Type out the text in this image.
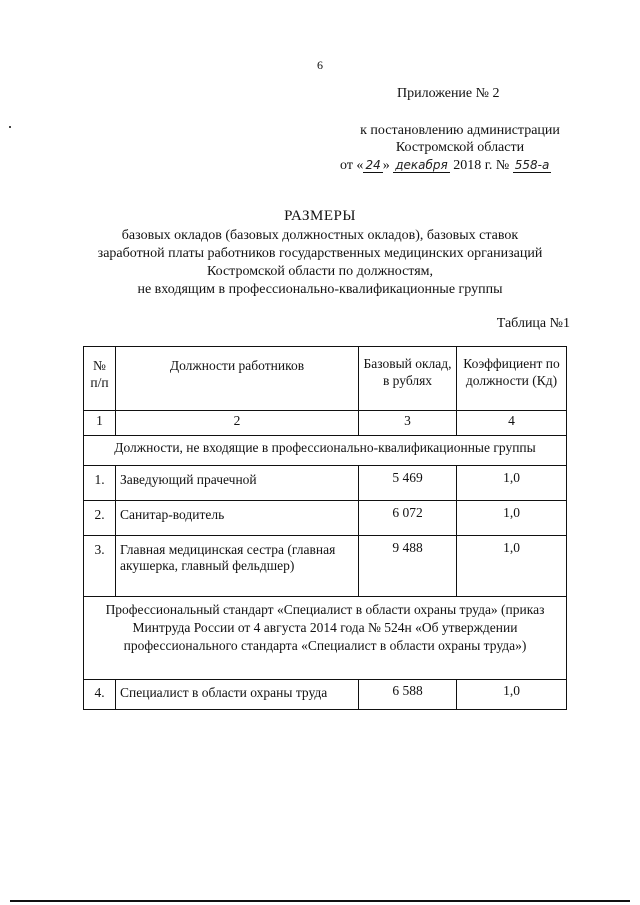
6
Приложение № 2
к постановлению администрации
Костромской области
от « 24 » декабря 2018 г. № 558-а
РАЗМЕРЫ
базовых окладов (базовых должностных окладов), базовых ставок
заработной платы работников государственных медицинских организаций
Костромской области по должностям,
не входящим в профессионально-квалификационные группы
Таблица №1
№ п/п	Должности работников	Базовый оклад, в рублях	Коэффициент по должности (Кд)
1	2	3	4
Должности, не входящие в профессионально-квалификационные группы			
1.	Заведующий прачечной	5 469	1,0
2.	Санитар-водитель	6 072	1,0
3.	Главная медицинская сестра (главная акушерка, главный фельдшер)	9 488	1,0
Профессиональный стандарт «Специалист в области охраны труда» (приказ Минтруда России от 4 августа 2014 года № 524н «Об утверждении профессионального стандарта «Специалист в области охраны труда»)			
4.	Специалист в области охраны труда	6 588	1,0
